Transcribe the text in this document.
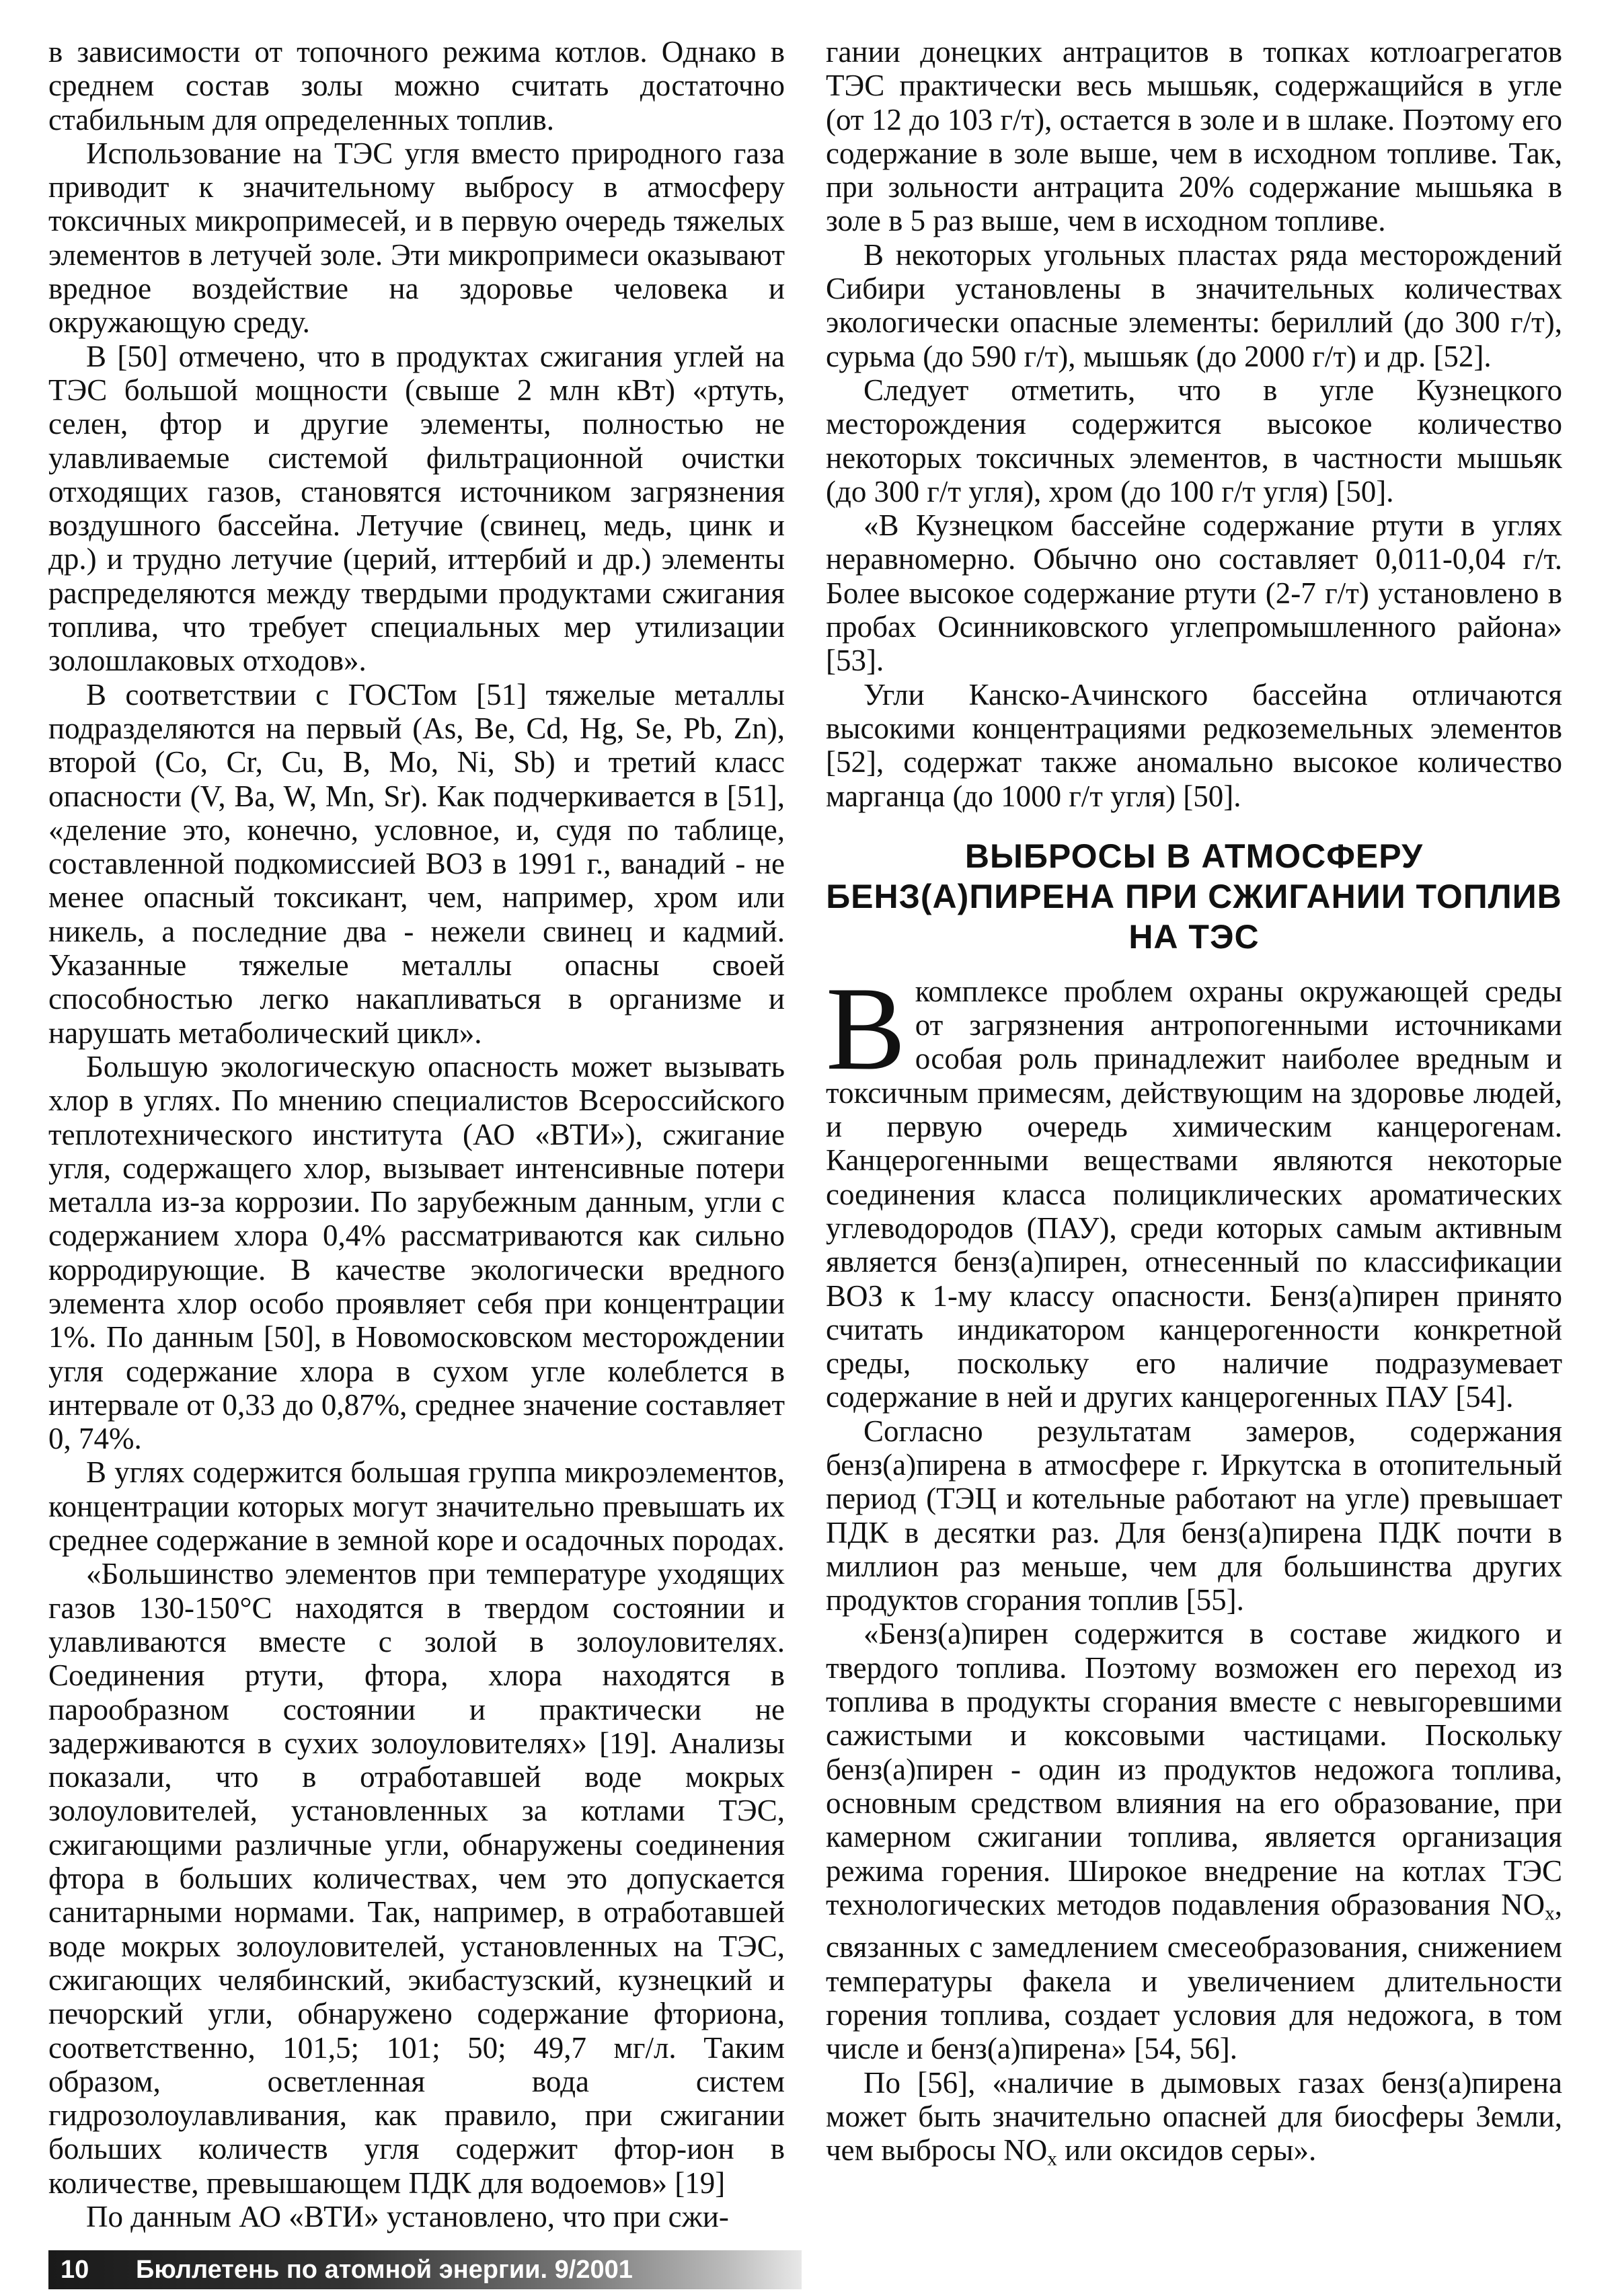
в зависимости от топочного режима котлов. Однако в среднем состав золы можно считать достаточно стабильным для определенных топлив.

Использование на ТЭС угля вместо природного газа приводит к значительному выбросу в атмосферу токсичных микропримесей, и в первую очередь тяжелых элементов в летучей золе. Эти микропримеси оказывают вредное воздействие на здоровье человека и окружающую среду.

В [50] отмечено, что в продуктах сжигания углей на ТЭС большой мощности (свыше 2 млн кВт) «ртуть, селен, фтор и другие элементы, полностью не улавливаемые системой фильтрационной очистки отходящих газов, становятся источником загрязнения воздушного бассейна. Летучие (свинец, медь, цинк и др.) и трудно летучие (церий, иттербий и др.) элементы распределяются между твердыми продуктами сжигания топлива, что требует специальных мер утилизации золошлаковых отходов».

В соответствии с ГОСТом [51] тяжелые металлы подразделяются на первый (As, Be, Cd, Hg, Se, Pb, Zn), второй (Co, Cr, Cu, B, Mo, Ni, Sb) и третий класс опасности (V, Ba, W, Mn, Sr). Как подчеркивается в [51], «деление это, конечно, условное, и, судя по таблице, составленной подкомиссией ВОЗ в 1991 г., ванадий - не менее опасный токсикант, чем, например, хром или никель, а последние два - нежели свинец и кадмий. Указанные тяжелые металлы опасны своей способностью легко накапливаться в организме и нарушать метаболический цикл».

Большую экологическую опасность может вызывать хлор в углях. По мнению специалистов Всероссийского теплотехнического института (АО «ВТИ»), сжигание угля, содержащего хлор, вызывает интенсивные потери металла из-за коррозии. По зарубежным данным, угли с содержанием хлора 0,4% рассматриваются как сильно корродирующие. В качестве экологически вредного элемента хлор особо проявляет себя при концентрации 1%. По данным [50], в Новомосковском месторождении угля содержание хлора в сухом угле колеблется в интервале от 0,33 до 0,87%, среднее значение составляет 0, 74%.

В углях содержится большая группа микроэлементов, концентрации которых могут значительно превышать их среднее содержание в земной коре и осадочных породах.

«Большинство элементов при температуре уходящих газов 130-150°С находятся в твердом состоянии и улавливаются вместе с золой в золоуловителях. Соединения ртути, фтора, хлора находятся в парообразном состоянии и практически не задерживаются в сухих золоуловителях» [19]. Анализы показали, что в отработавшей воде мокрых золоуловителей, установленных за котлами ТЭС, сжигающими различные угли, обнаружены соединения фтора в больших количествах, чем это допускается санитарными нормами. Так, например, в отработавшей воде мокрых золоуловителей, установленных на ТЭС, сжигающих челябинский, экибастузский, кузнецкий и печорский угли, обнаружено содержание фториона, соответственно, 101,5; 101; 50; 49,7 мг/л. Таким образом, осветленная вода систем гидрозолоулавливания, как правило, при сжигании больших количеств угля содержит фтор-ион в количестве, превышающем ПДК для водоемов» [19]

По данным АО «ВТИ» установлено, что при сжи-

гании донецких антрацитов в топках котлоагрегатов ТЭС практически весь мышьяк, содержащийся в угле (от 12 до 103 г/т), остается в золе и в шлаке. Поэтому его содержание в золе выше, чем в исходном топливе. Так, при зольности антрацита 20% содержание мышьяка в золе в 5 раз выше, чем в исходном топливе.

В некоторых угольных пластах ряда месторождений Сибири установлены в значительных количествах экологически опасные элементы: бериллий (до 300 г/т), сурьма (до 590 г/т), мышьяк (до 2000 г/т) и др. [52].

Следует отметить, что в угле Кузнецкого месторождения содержится высокое количество некоторых токсичных элементов, в частности мышьяк (до 300 г/т угля), хром (до 100 г/т угля) [50].

«В Кузнецком бассейне содержание ртути в углях неравномерно. Обычно оно составляет 0,011-0,04 г/т. Более высокое содержание ртути (2-7 г/т) установлено в пробах Осинниковского углепромышленного района» [53].

Угли Канско-Ачинского бассейна отличаются высокими концентрациями редкоземельных элементов [52], содержат также аномально высокое количество марганца (до 1000 г/т угля) [50].

ВЫБРОСЫ В АТМОСФЕРУ БЕНЗ(А)ПИРЕНА ПРИ СЖИГАНИИ ТОПЛИВ НА ТЭС

В комплексе проблем охраны окружающей среды от загрязнения антропогенными источниками особая роль принадлежит наиболее вредным и токсичным примесям, действующим на здоровье людей, и первую очередь химическим канцерогенам. Канцерогенными веществами являются некоторые соединения класса полициклических ароматических углеводородов (ПАУ), среди которых самым активным является бенз(а)пирен, отнесенный по классификации ВОЗ к 1-му классу опасности. Бенз(а)пирен принято считать индикатором канцерогенности конкретной среды, поскольку его наличие подразумевает содержание в ней и других канцерогенных ПАУ [54].

Согласно результатам замеров, содержания бенз(а)пирена в атмосфере г. Иркутска в отопительный период (ТЭЦ и котельные работают на угле) превышает ПДК в десятки раз. Для бенз(а)пирена ПДК почти в миллион раз меньше, чем для большинства других продуктов сгорания топлив [55].

«Бенз(а)пирен содержится в составе жидкого и твердого топлива. Поэтому возможен его переход из топлива в продукты сгорания вместе с невыгоревшими сажистыми и коксовыми частицами. Поскольку бенз(а)пирен - один из продуктов недожога топлива, основным средством влияния на его образование, при камерном сжигании топлива, является организация режима горения. Широкое внедрение на котлах ТЭС технологических методов подавления образования $NO_х$, связанных с замедлением смесеобразования, снижением температуры факела и увеличением длительности горения топлива, создает условия для недожога, в том числе и бенз(а)пирена» [54, 56].

По [56], «наличие в дымовых газах бенз(а)пирена может быть значительно опасней для биосферы Земли, чем выбросы $NO_х$ или оксидов серы».

10 Бюллетень по атомной энергии. 9/2001
